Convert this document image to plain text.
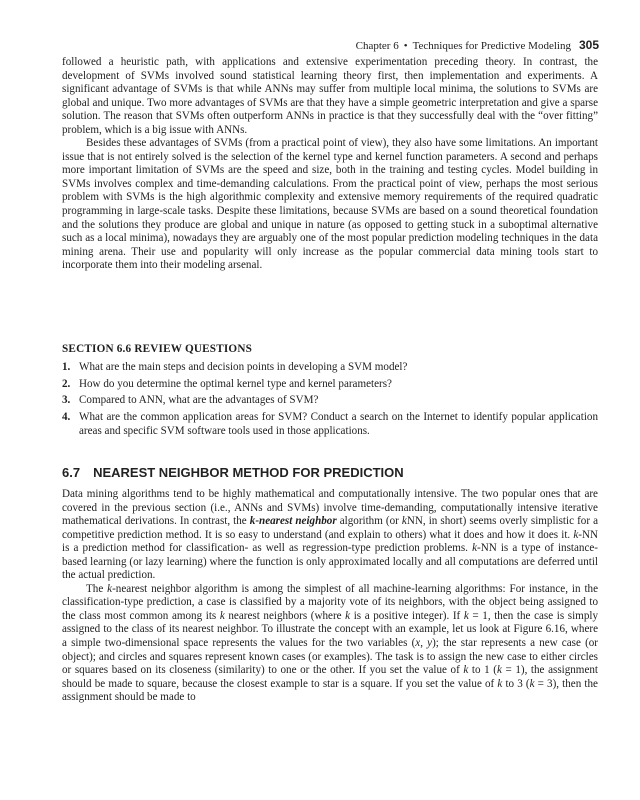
Chapter 6 • Techniques for Predictive Modeling 305

followed a heuristic path, with applications and extensive experimentation preceding theory. In contrast, the development of SVMs involved sound statistical learning theory first, then implementation and experiments. A significant advantage of SVMs is that while ANNs may suffer from multiple local minima, the solutions to SVMs are global and unique. Two more advantages of SVMs are that they have a simple geometric interpretation and give a sparse solution. The reason that SVMs often outperform ANNs in practice is that they successfully deal with the “over fitting” problem, which is a big issue with ANNs.

Besides these advantages of SVMs (from a practical point of view), they also have some limitations. An important issue that is not entirely solved is the selection of the kernel type and kernel function parameters. A second and perhaps more important limitation of SVMs are the speed and size, both in the training and testing cycles. Model building in SVMs involves complex and time-demanding calculations. From the practical point of view, perhaps the most serious problem with SVMs is the high algorithmic complexity and extensive memory requirements of the required quadratic programming in large-scale tasks. Despite these limitations, because SVMs are based on a sound theoretical foundation and the solutions they produce are global and unique in nature (as opposed to getting stuck in a suboptimal alternative such as a local minima), nowadays they are arguably one of the most popular prediction modeling techniques in the data mining arena. Their use and popularity will only increase as the popular commercial data mining tools start to incorporate them into their modeling arsenal.

SECTION 6.6 REVIEW QUESTIONS
1. What are the main steps and decision points in developing a SVM model?
2. How do you determine the optimal kernel type and kernel parameters?
3. Compared to ANN, what are the advantages of SVM?
4. What are the common application areas for SVM? Conduct a search on the Internet to identify popular application areas and specific SVM software tools used in those applications.
6.7 NEAREST NEIGHBOR METHOD FOR PREDICTION

Data mining algorithms tend to be highly mathematical and computationally intensive. The two popular ones that are covered in the previous section (i.e., ANNs and SVMs) involve time-demanding, computationally intensive iterative mathematical derivations. In contrast, the k-nearest neighbor algorithm (or kNN, in short) seems overly simplistic for a competitive prediction method. It is so easy to understand (and explain to others) what it does and how it does it. k-NN is a prediction method for classification- as well as regression-type prediction problems. k-NN is a type of instance-based learning (or lazy learning) where the function is only approximated locally and all computations are deferred until the actual prediction.

The k-nearest neighbor algorithm is among the simplest of all machine-learning algorithms: For instance, in the classification-type prediction, a case is classified by a majority vote of its neighbors, with the object being assigned to the class most common among its k nearest neighbors (where k is a positive integer). If k = 1, then the case is simply assigned to the class of its nearest neighbor. To illustrate the concept with an example, let us look at Figure 6.16, where a simple two-dimensional space represents the values for the two variables (x, y); the star represents a new case (or object); and circles and squares represent known cases (or examples). The task is to assign the new case to either circles or squares based on its closeness (similarity) to one or the other. If you set the value of k to 1 (k = 1), the assignment should be made to square, because the closest example to star is a square. If you set the value of k to 3 (k = 3), then the assignment should be made to
